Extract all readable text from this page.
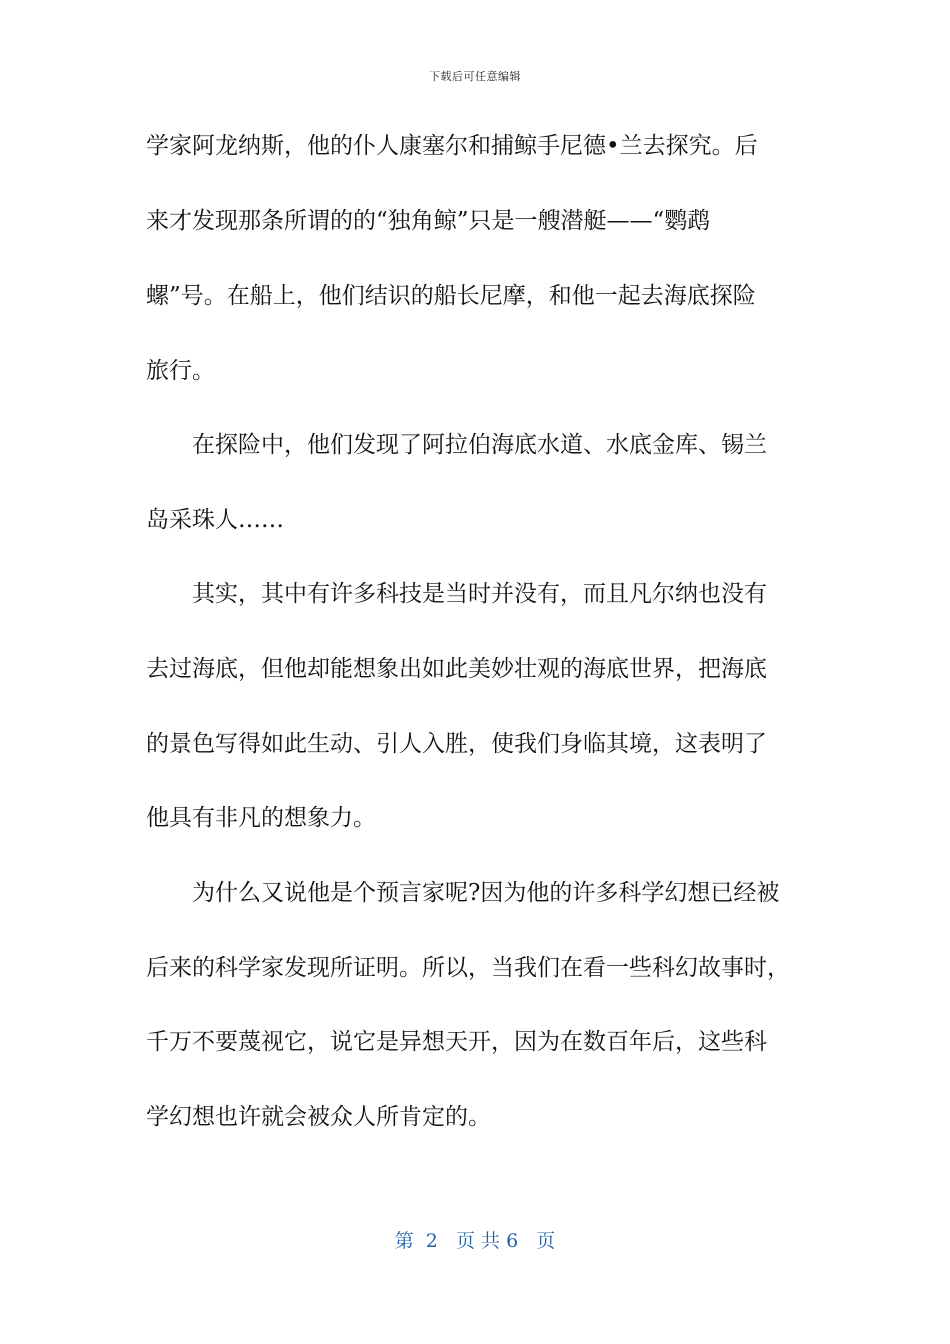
下载后可任意编辑
学家阿龙纳斯，他的仆人康塞尔和捕鲸手尼德•兰去探究。后
来才发现那条所谓的的“独角鲸”只是一艘潜艇——“鹦鹉
螺”号。在船上，他们结识的船长尼摩，和他一起去海底探险
旅行。
　　在探险中，他们发现了阿拉伯海底水道、水底金库、锡兰
岛采珠人……
　　其实，其中有许多科技是当时并没有，而且凡尔纳也没有
去过海底，但他却能想象出如此美妙壮观的海底世界，把海底
的景色写得如此生动、引人入胜，使我们身临其境，这表明了
他具有非凡的想象力。
　　为什么又说他是个预言家呢?因为他的许多科学幻想已经被
后来的科学家发现所证明。所以，当我们在看一些科幻故事时，
千万不要蔑视它，说它是异想天开，因为在数百年后，这些科
学幻想也许就会被众人所肯定的。
第  2   页 共 6   页
